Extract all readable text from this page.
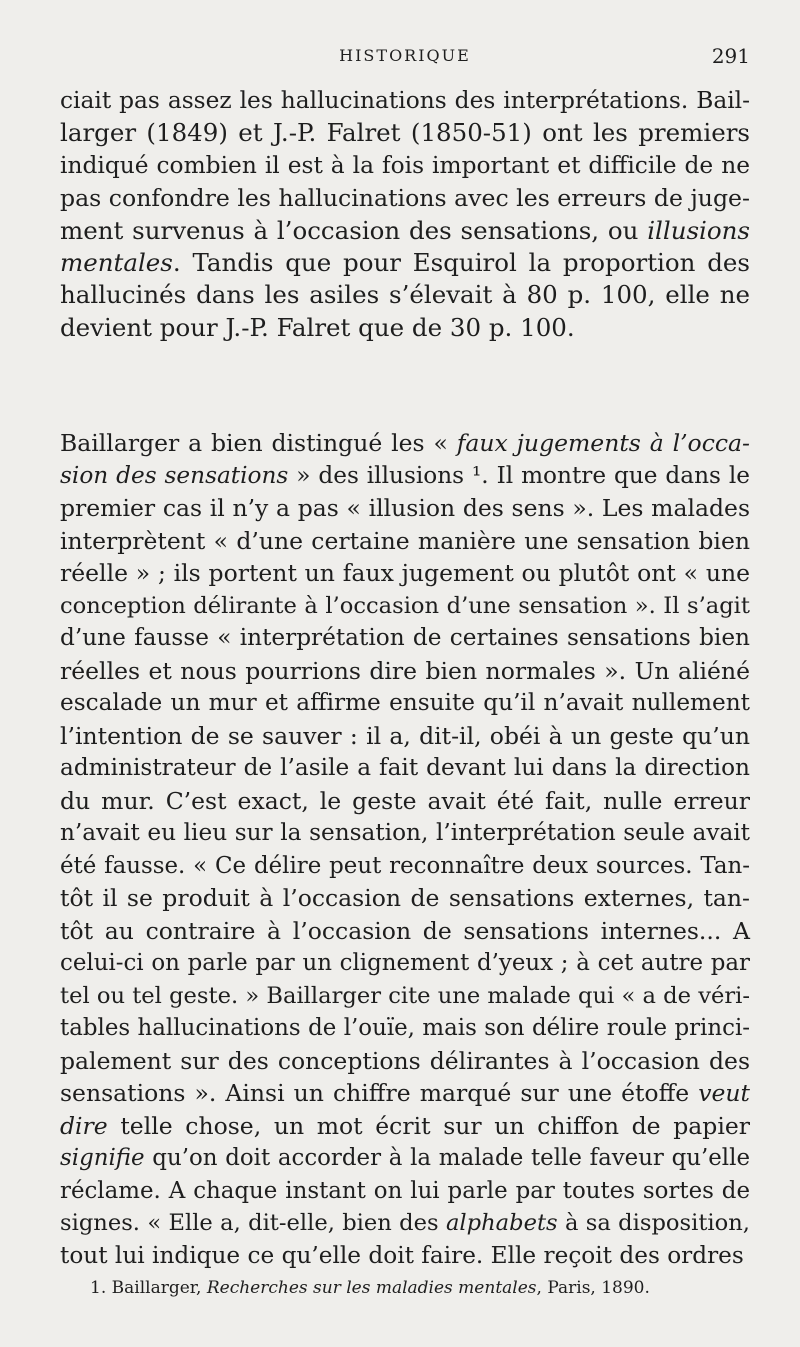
HISTORIQUE	291
ciait pas assez les hallucinations des interprétations. Bail-
larger (1849) et J.-P. Falret (1850-51) ont les premiers
indiqué combien il est à la fois important et difficile de ne
pas confondre les hallucinations avec les erreurs de juge-
ment survenus à l’occasion des sensations, ou illusions
mentales. Tandis que pour Esquirol la proportion des
hallucinés dans les asiles s’élevait à 80 p. 100, elle ne
devient pour J.-P. Falret que de 30 p. 100.
Baillarger a bien distingué les « faux jugements à l’occa-
sion des sensations » des illusions ¹. Il montre que dans le
premier cas il n’y a pas « illusion des sens ». Les malades
interprètent « d’une certaine manière une sensation bien
réelle » ; ils portent un faux jugement ou plutôt ont « une
conception délirante à l’occasion d’une sensation ». Il s’agit
d’une fausse « interprétation de certaines sensations bien
réelles et nous pourrions dire bien normales ». Un aliéné
escalade un mur et affirme ensuite qu’il n’avait nullement
l’intention de se sauver : il a, dit-il, obéi à un geste qu’un
administrateur de l’asile a fait devant lui dans la direction
du mur. C’est exact, le geste avait été fait, nulle erreur
n’avait eu lieu sur la sensation, l’interprétation seule avait
été fausse. « Ce délire peut reconnaître deux sources. Tan-
tôt il se produit à l’occasion de sensations externes, tan-
tôt au contraire à l’occasion de sensations internes... A
celui-ci on parle par un clignement d’yeux ; à cet autre par
tel ou tel geste. » Baillarger cite une malade qui « a de véri-
tables hallucinations de l’ouïe, mais son délire roule princi-
palement sur des conceptions délirantes à l’occasion des
sensations ». Ainsi un chiffre marqué sur une étoffe veut
dire telle chose, un mot écrit sur un chiffon de papier
signifie qu’on doit accorder à la malade telle faveur qu’elle
réclame. A chaque instant on lui parle par toutes sortes de
signes. « Elle a, dit-elle, bien des alphabets à sa disposition,
tout lui indique ce qu’elle doit faire. Elle reçoit des ordres
1. Baillarger, Recherches sur les maladies mentales, Paris, 1890.
